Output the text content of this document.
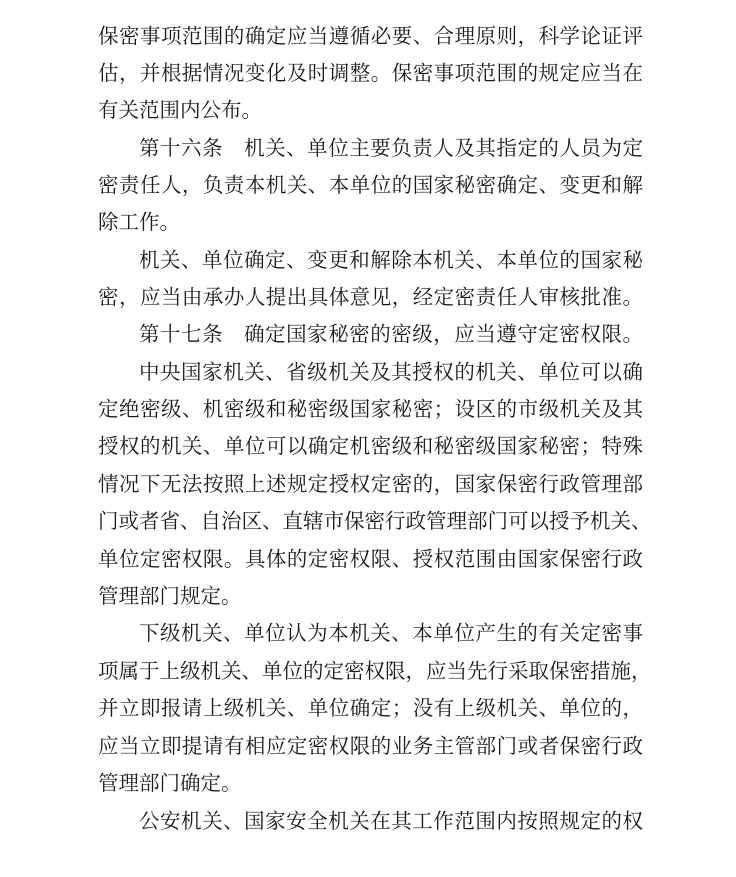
保密事项范围的确定应当遵循必要、合理原则，科学论证评
估，并根据情况变化及时调整。保密事项范围的规定应当在
有关范围内公布。
第十六条　机关、单位主要负责人及其指定的人员为定
密责任人，负责本机关、本单位的国家秘密确定、变更和解
除工作。
机关、单位确定、变更和解除本机关、本单位的国家秘
密，应当由承办人提出具体意见，经定密责任人审核批准。
第十七条　确定国家秘密的密级，应当遵守定密权限。
中央国家机关、省级机关及其授权的机关、单位可以确
定绝密级、机密级和秘密级国家秘密；设区的市级机关及其
授权的机关、单位可以确定机密级和秘密级国家秘密；特殊
情况下无法按照上述规定授权定密的，国家保密行政管理部
门或者省、自治区、直辖市保密行政管理部门可以授予机关、
单位定密权限。具体的定密权限、授权范围由国家保密行政
管理部门规定。
下级机关、单位认为本机关、本单位产生的有关定密事
项属于上级机关、单位的定密权限，应当先行采取保密措施，
并立即报请上级机关、单位确定；没有上级机关、单位的，
应当立即提请有相应定密权限的业务主管部门或者保密行政
管理部门确定。
公安机关、国家安全机关在其工作范围内按照规定的权
